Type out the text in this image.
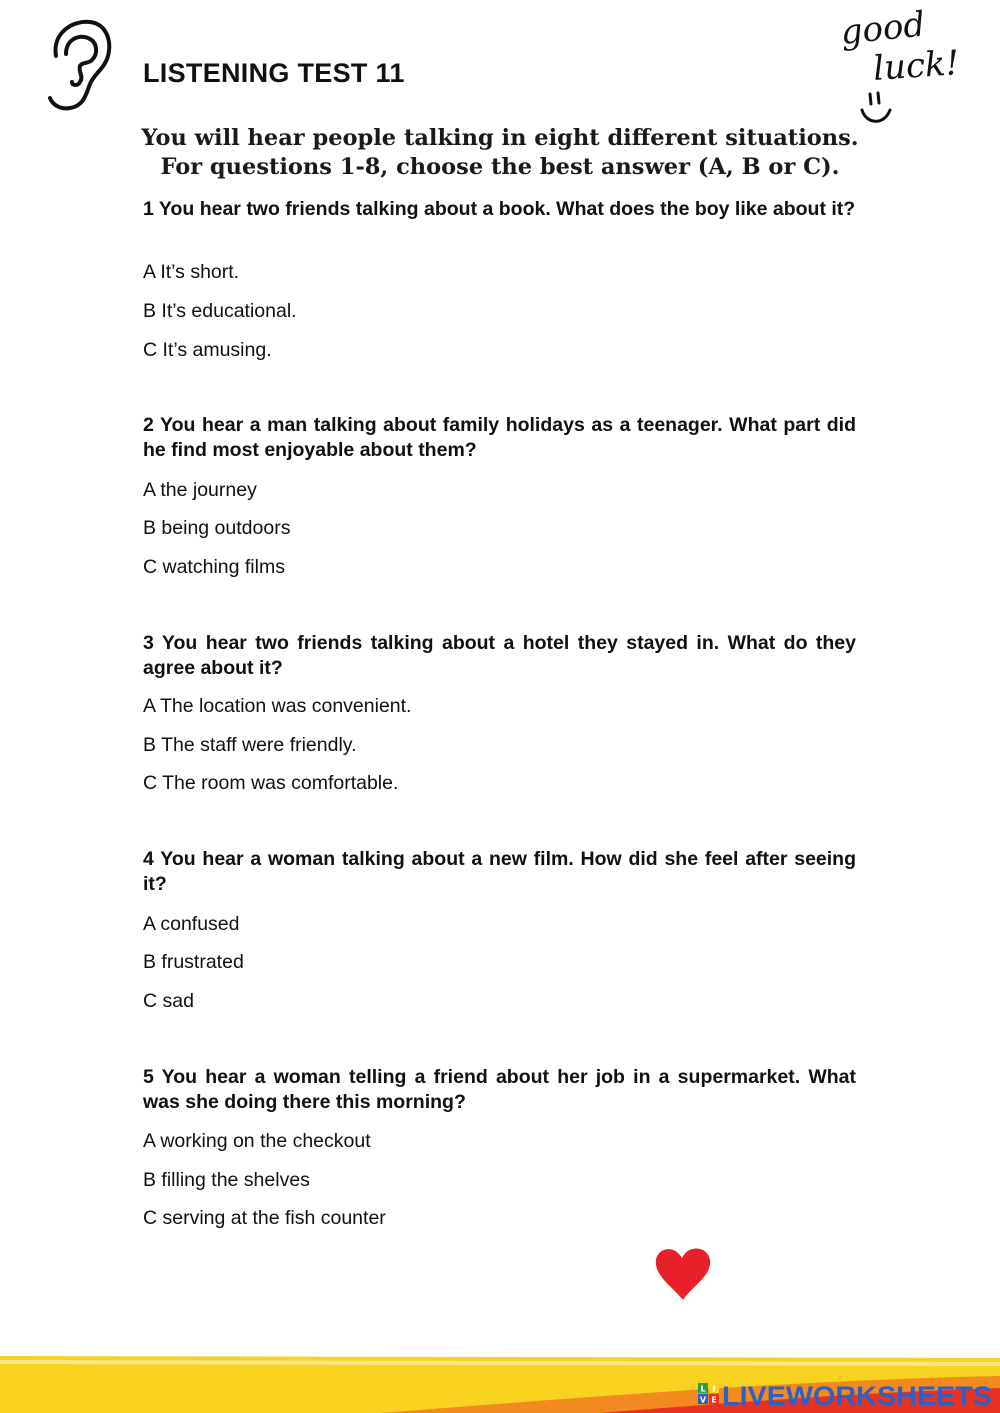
LISTENING TEST 11
good
luck!
You will hear people talking in eight different situations.
For questions 1-8, choose the best answer (A, B or C).
1 You hear two friends talking about a book. What does the boy like about it?
A It’s short.
B It’s educational.
C It’s amusing.
2 You hear a man talking about family holidays as a teenager. What part did he find most enjoyable about them?
A the journey
B being outdoors
C watching films
3 You hear two friends talking about a hotel they stayed in. What do they agree about it?
A The location was convenient.
B The staff were friendly.
C The room was comfortable.
4 You hear a woman talking about a new film. How did she feel after seeing it?
A confused
B frustrated
C sad
5 You hear a woman telling a friend about her job in a supermarket. What was she doing there this morning?
A working on the checkout
B filling the shelves
C serving at the fish counter
L I
V E LIVEWORKSHEETS
